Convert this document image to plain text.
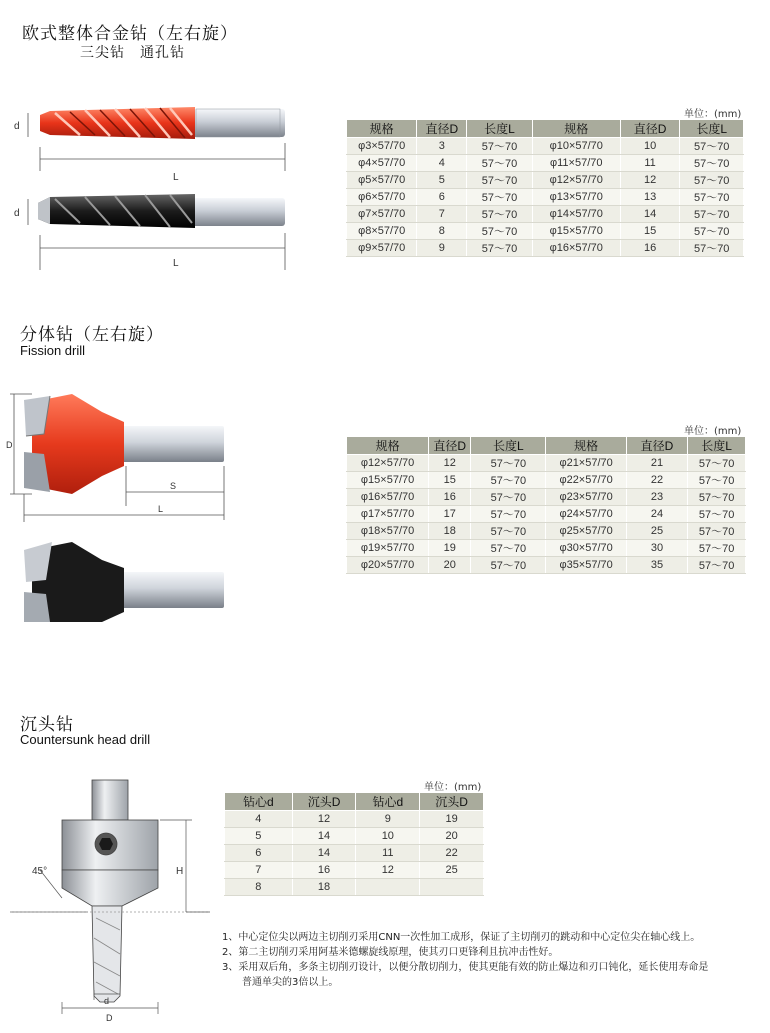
欧式整体合金钻（左右旋）
三尖钻　通孔钻
d
d
L
L
单位：(mm)
规格	直径D	长度L	规格	直径D	长度L
φ3×57/70	3	57～70	φ10×57/70	10	57～70
φ4×57/70	4	57～70	φ11×57/70	11	57～70
φ5×57/70	5	57～70	φ12×57/70	12	57～70
φ6×57/70	6	57～70	φ13×57/70	13	57～70
φ7×57/70	7	57～70	φ14×57/70	14	57～70
φ8×57/70	8	57～70	φ15×57/70	15	57～70
φ9×57/70	9	57～70	φ16×57/70	16	57～70
分体钻（左右旋）
Fission drill
D
S
L
单位：(mm)
规格	直径D	长度L	规格	直径D	长度L
φ12×57/70	12	57～70	φ21×57/70	21	57～70
φ15×57/70	15	57～70	φ22×57/70	22	57～70
φ16×57/70	16	57～70	φ23×57/70	23	57～70
φ17×57/70	17	57～70	φ24×57/70	24	57～70
φ18×57/70	18	57～70	φ25×57/70	25	57～70
φ19×57/70	19	57～70	φ30×57/70	30	57～70
φ20×57/70	20	57～70	φ35×57/70	35	57～70
沉头钻
Countersunk head drill
45°	H
d
D
单位：(mm)
钻心d	沉头D	钻心d	沉头D
4	12	9	19
5	14	10	20
6	14	11	22
7	16	12	25
8	18		
1、中心定位尖以两边主切削刃采用CNN一次性加工成形，保证了主切削刃的跳动和中心定位尖在轴心线上。
2、第二主切削刃采用阿基米德螺旋线原理，使其刃口更锋利且抗冲击性好。
3、采用双后角，多条主切削刃设计，以便分散切削力，使其更能有效的防止爆边和刃口钝化，延长使用寿命是
　　普通单尖的3倍以上。
